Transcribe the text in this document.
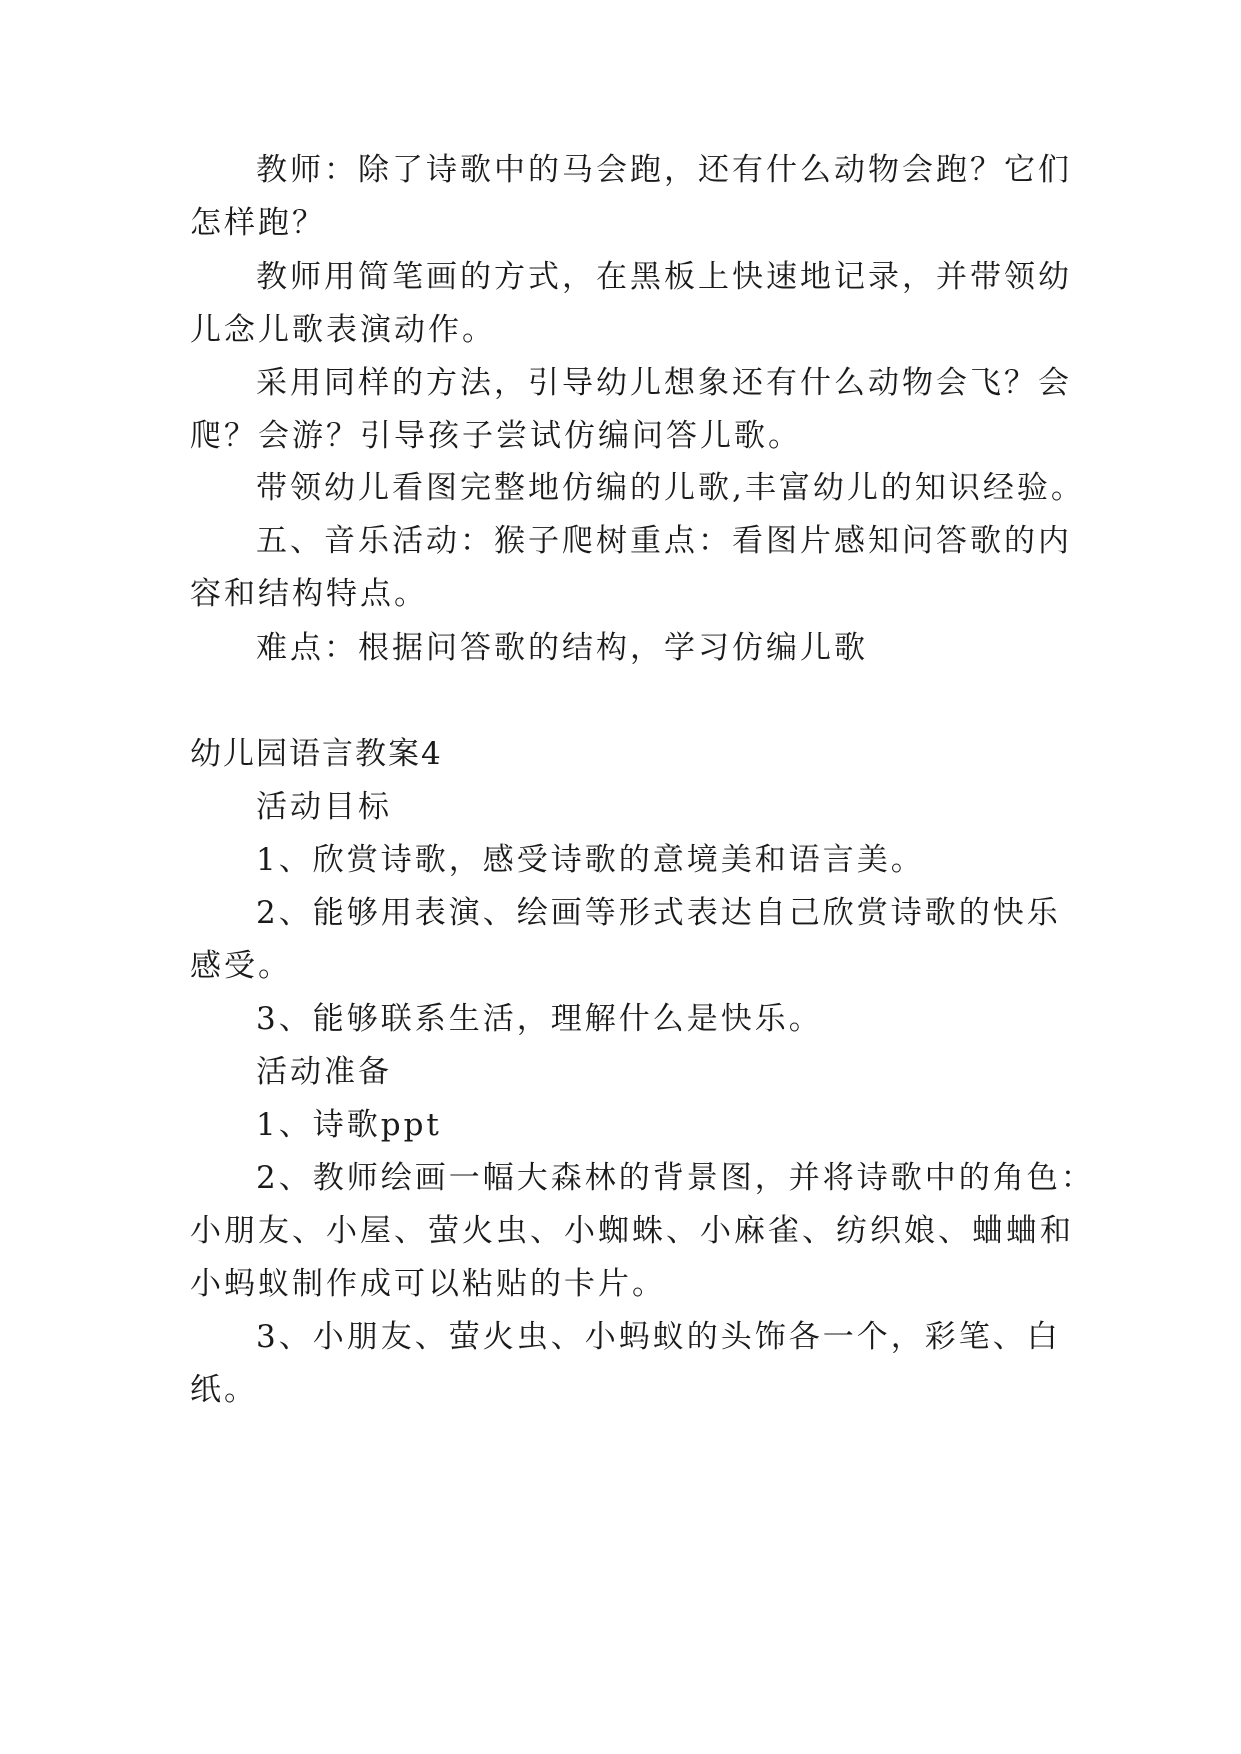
教师：除了诗歌中的马会跑，还有什么动物会跑？它们
怎样跑？
教师用简笔画的方式，在黑板上快速地记录，并带领幼
儿念儿歌表演动作。
采用同样的方法，引导幼儿想象还有什么动物会飞？会
爬？会游？引导孩子尝试仿编问答儿歌。
带领幼儿看图完整地仿编的儿歌,丰富幼儿的知识经验。
五、音乐活动：猴子爬树重点：看图片感知问答歌的内
容和结构特点。
难点：根据问答歌的结构，学习仿编儿歌
幼儿园语言教案4
活动目标
1、欣赏诗歌，感受诗歌的意境美和语言美。
2、能够用表演、绘画等形式表达自己欣赏诗歌的快乐
感受。
3、能够联系生活，理解什么是快乐。
活动准备
1、诗歌ppt
2、教师绘画一幅大森林的背景图，并将诗歌中的角色：
小朋友、小屋、萤火虫、小蜘蛛、小麻雀、纺织娘、蛐蛐和
小蚂蚁制作成可以粘贴的卡片。
3、小朋友、萤火虫、小蚂蚁的头饰各一个，彩笔、白
纸。
